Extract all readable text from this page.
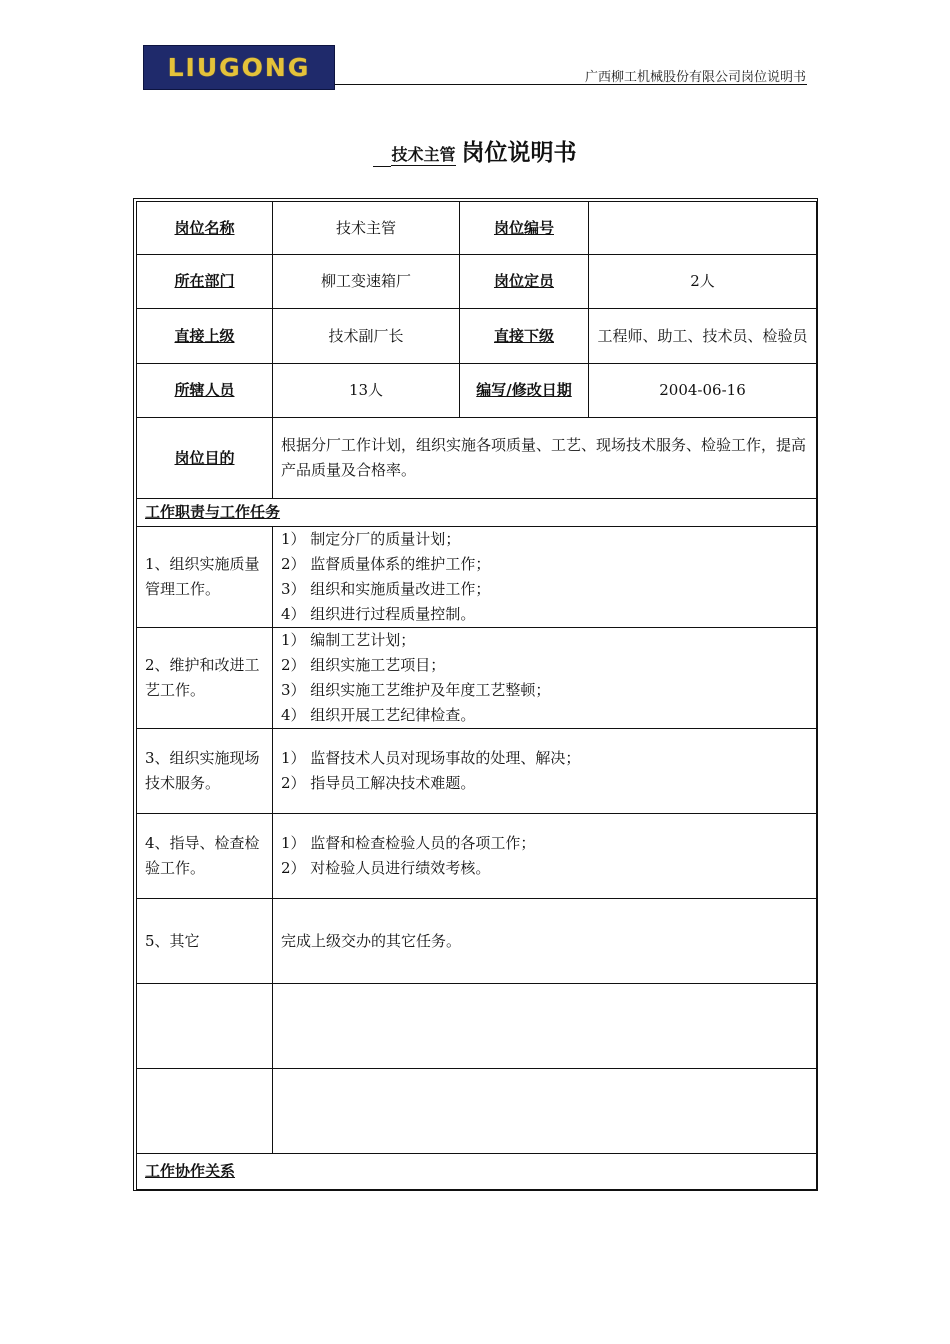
LIUGONG	广西柳工机械股份有限公司岗位说明书
技术主管 岗位说明书
岗位名称	技术主管	岗位编号	
所在部门	柳工变速箱厂	岗位定员	2人
直接上级	技术副厂长	直接下级	工程师、助工、技术员、检验员
所辖人员	13人	编写/修改日期	2004-06-16
岗位目的	根据分厂工作计划，组织实施各项质量、工艺、现场技术服务、检验工作，提高产品质量及合格率。		
工作职责与工作任务			
1、组织实施质量管理工作。	1） 制定分厂的质量计划；
2） 监督质量体系的维护工作；
3） 组织和实施质量改进工作；
4） 组织进行过程质量控制。		

2、维护和改进工艺工作。	1） 编制工艺计划；
2） 组织实施工艺项目；
3） 组织实施工艺维护及年度工艺整顿；
4） 组织开展工艺纪律检查。		

3、组织实施现场技术服务。	1） 监督技术人员对现场事故的处理、解决；
2） 指导员工解决技术难题。		

4、指导、检查检验工作。	1） 监督和检查检验人员的各项工作；
2） 对检验人员进行绩效考核。		

5、其它	完成上级交办的其它任务。		

工作协作关系			
